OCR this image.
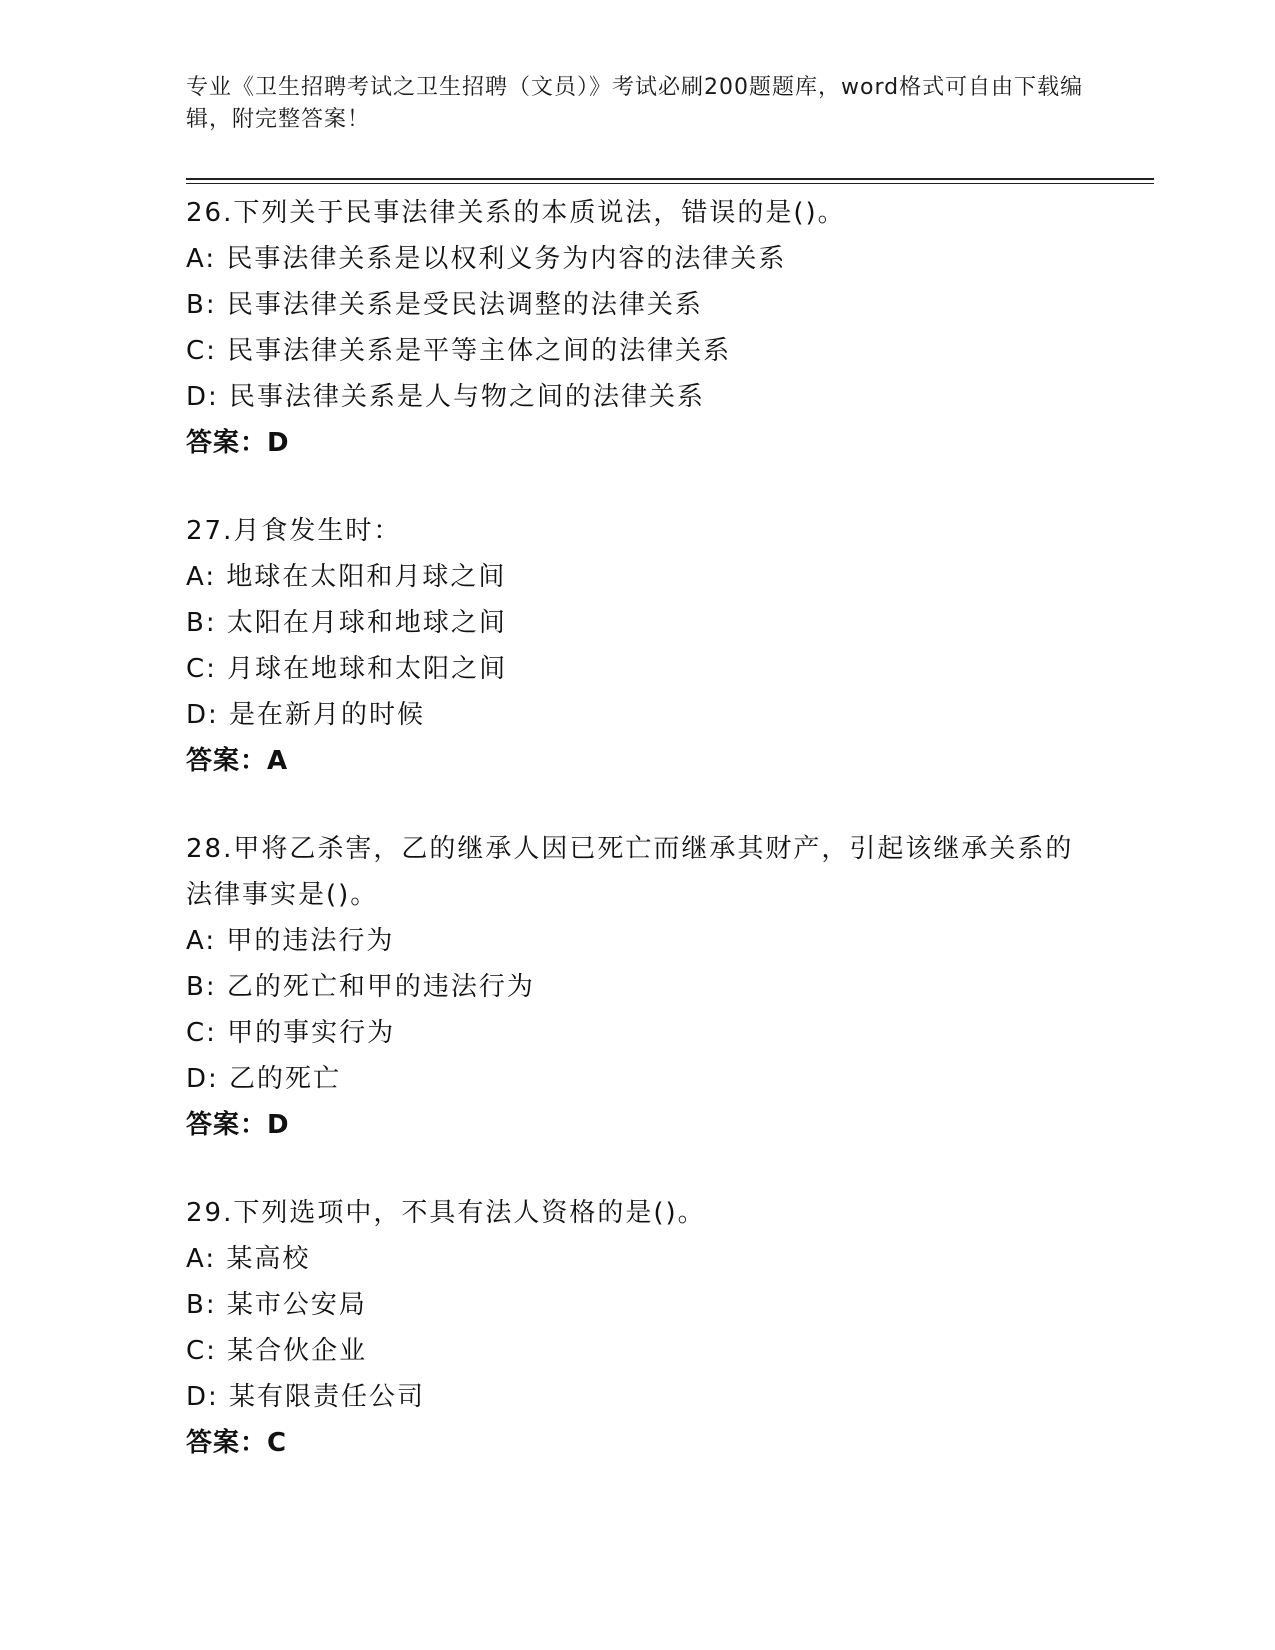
专业《卫生招聘考试之卫生招聘（文员）》考试必刷200题题库，word格式可自由下载编辑，附完整答案！
26.下列关于民事法律关系的本质说法，错误的是()。
A: 民事法律关系是以权利义务为内容的法律关系
B: 民事法律关系是受民法调整的法律关系
C: 民事法律关系是平等主体之间的法律关系
D: 民事法律关系是人与物之间的法律关系
答案：D
27.月食发生时：
A: 地球在太阳和月球之间
B: 太阳在月球和地球之间
C: 月球在地球和太阳之间
D: 是在新月的时候
答案：A
28.甲将乙杀害，乙的继承人因已死亡而继承其财产，引起该继承关系的法律事实是()。
A: 甲的违法行为
B: 乙的死亡和甲的违法行为
C: 甲的事实行为
D: 乙的死亡
答案：D
29.下列选项中，不具有法人资格的是()。
A: 某高校
B: 某市公安局
C: 某合伙企业
D: 某有限责任公司
答案：C
